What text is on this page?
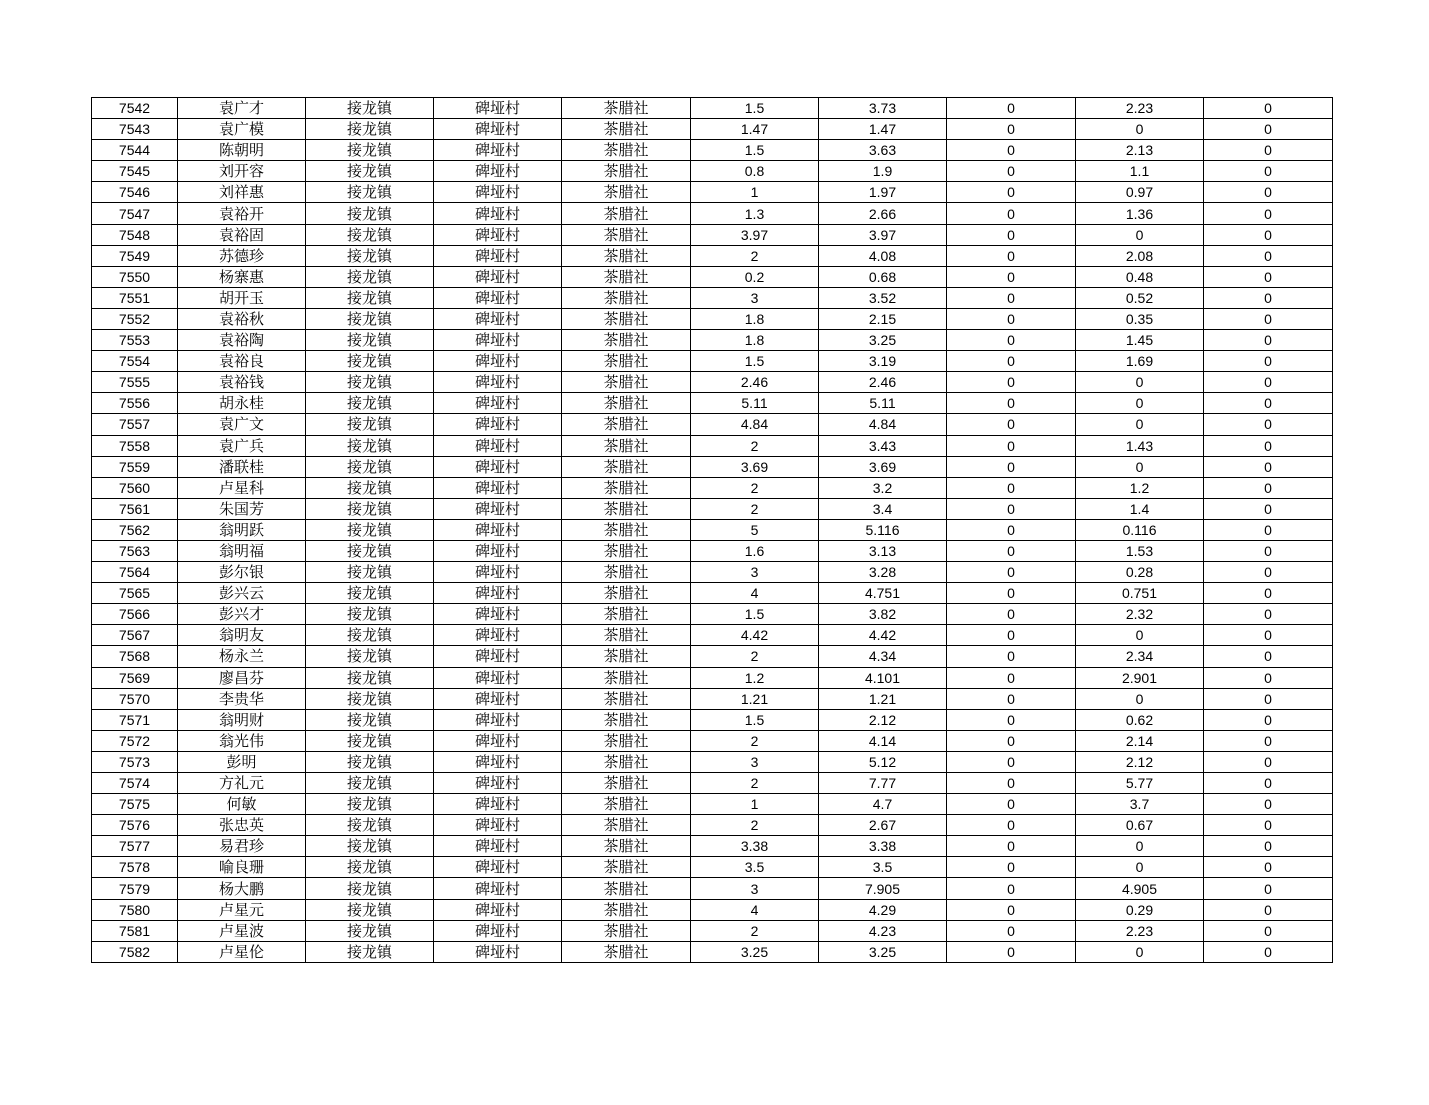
7542	袁广才	接龙镇	碑垭村	茶腊社	1.5	3.73	0	2.23	0
7543	袁广模	接龙镇	碑垭村	茶腊社	1.47	1.47	0	0	0
7544	陈朝明	接龙镇	碑垭村	茶腊社	1.5	3.63	0	2.13	0
7545	刘开容	接龙镇	碑垭村	茶腊社	0.8	1.9	0	1.1	0
7546	刘祥惠	接龙镇	碑垭村	茶腊社	1	1.97	0	0.97	0
7547	袁裕开	接龙镇	碑垭村	茶腊社	1.3	2.66	0	1.36	0
7548	袁裕固	接龙镇	碑垭村	茶腊社	3.97	3.97	0	0	0
7549	苏德珍	接龙镇	碑垭村	茶腊社	2	4.08	0	2.08	0
7550	杨寨惠	接龙镇	碑垭村	茶腊社	0.2	0.68	0	0.48	0
7551	胡开玉	接龙镇	碑垭村	茶腊社	3	3.52	0	0.52	0
7552	袁裕秋	接龙镇	碑垭村	茶腊社	1.8	2.15	0	0.35	0
7553	袁裕陶	接龙镇	碑垭村	茶腊社	1.8	3.25	0	1.45	0
7554	袁裕良	接龙镇	碑垭村	茶腊社	1.5	3.19	0	1.69	0
7555	袁裕钱	接龙镇	碑垭村	茶腊社	2.46	2.46	0	0	0
7556	胡永桂	接龙镇	碑垭村	茶腊社	5.11	5.11	0	0	0
7557	袁广文	接龙镇	碑垭村	茶腊社	4.84	4.84	0	0	0
7558	袁广兵	接龙镇	碑垭村	茶腊社	2	3.43	0	1.43	0
7559	潘联桂	接龙镇	碑垭村	茶腊社	3.69	3.69	0	0	0
7560	卢星科	接龙镇	碑垭村	茶腊社	2	3.2	0	1.2	0
7561	朱国芳	接龙镇	碑垭村	茶腊社	2	3.4	0	1.4	0
7562	翁明跃	接龙镇	碑垭村	茶腊社	5	5.116	0	0.116	0
7563	翁明福	接龙镇	碑垭村	茶腊社	1.6	3.13	0	1.53	0
7564	彭尔银	接龙镇	碑垭村	茶腊社	3	3.28	0	0.28	0
7565	彭兴云	接龙镇	碑垭村	茶腊社	4	4.751	0	0.751	0
7566	彭兴才	接龙镇	碑垭村	茶腊社	1.5	3.82	0	2.32	0
7567	翁明友	接龙镇	碑垭村	茶腊社	4.42	4.42	0	0	0
7568	杨永兰	接龙镇	碑垭村	茶腊社	2	4.34	0	2.34	0
7569	廖昌芬	接龙镇	碑垭村	茶腊社	1.2	4.101	0	2.901	0
7570	李贵华	接龙镇	碑垭村	茶腊社	1.21	1.21	0	0	0
7571	翁明财	接龙镇	碑垭村	茶腊社	1.5	2.12	0	0.62	0
7572	翁光伟	接龙镇	碑垭村	茶腊社	2	4.14	0	2.14	0
7573	彭明	接龙镇	碑垭村	茶腊社	3	5.12	0	2.12	0
7574	方礼元	接龙镇	碑垭村	茶腊社	2	7.77	0	5.77	0
7575	何敏	接龙镇	碑垭村	茶腊社	1	4.7	0	3.7	0
7576	张忠英	接龙镇	碑垭村	茶腊社	2	2.67	0	0.67	0
7577	易君珍	接龙镇	碑垭村	茶腊社	3.38	3.38	0	0	0
7578	喻良珊	接龙镇	碑垭村	茶腊社	3.5	3.5	0	0	0
7579	杨大鹏	接龙镇	碑垭村	茶腊社	3	7.905	0	4.905	0
7580	卢星元	接龙镇	碑垭村	茶腊社	4	4.29	0	0.29	0
7581	卢星波	接龙镇	碑垭村	茶腊社	2	4.23	0	2.23	0
7582	卢星伦	接龙镇	碑垭村	茶腊社	3.25	3.25	0	0	0
